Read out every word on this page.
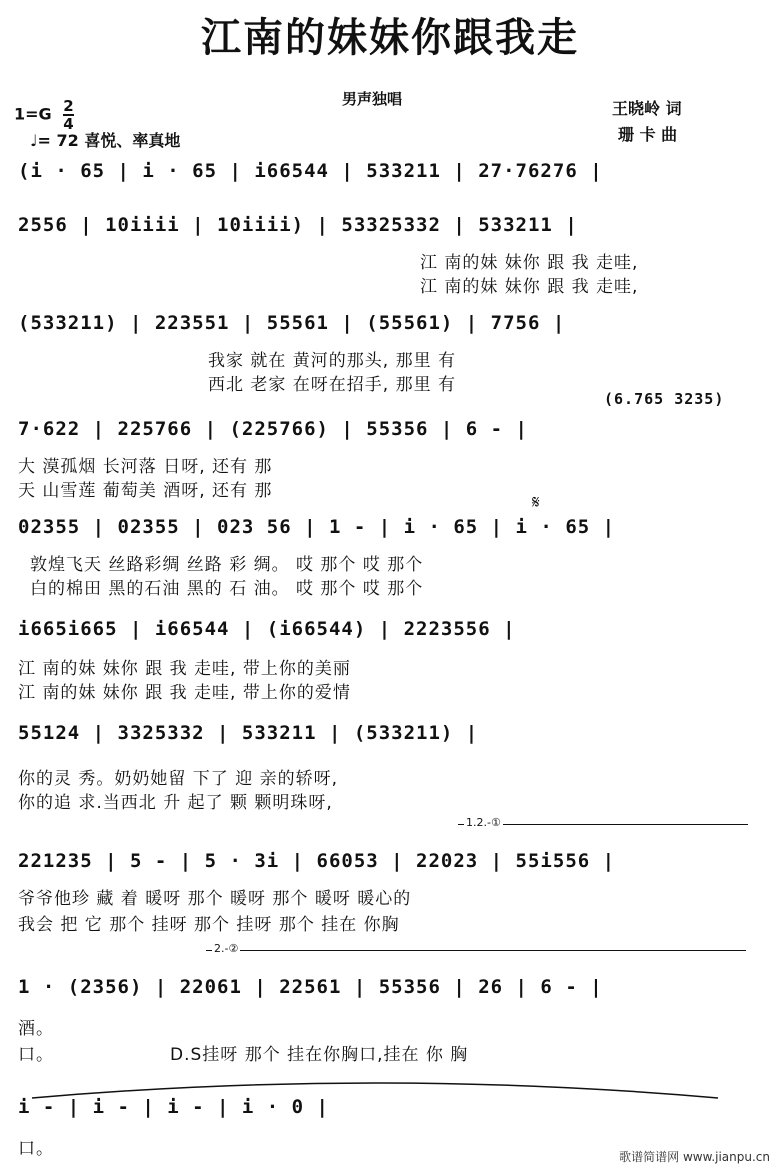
江南的妹妹你跟我走
男声独唱
$1=G \frac{2}{4}$
♩= 72 喜悦、率真地
王晓岭 词
珊 卡 曲
(i · 65 | i · 65 | i66544 | 533211 | 27·76276 |
2556 | 10iiii | 10iiii) | 53325332 | 533211 |
江 南的妹 妹你 跟 我 走哇,
江 南的妹 妹你 跟 我 走哇,
(533211) | 223551 | 55561 | (55561) | 7756 |
我家 就在 黄河的那头, 那里 有
西北 老家 在呀在招手, 那里 有
(6.765 3235)
7·622 | 225766 | (225766) | 55356 | 6 - |
大 漠孤烟 长河落 日呀, 还有 那
天 山雪莲 葡萄美 酒呀, 还有 那
𝄋
02355 | 02355 | 023 56 | 1 - | i · 65 | i · 65 |
敦煌飞天 丝路彩绸 丝路 彩 绸。 哎 那个 哎 那个
白的棉田 黑的石油 黑的 石 油。 哎 那个 哎 那个
i665i665 | i66544 | (i66544) | 2223556 |
江 南的妹 妹你 跟 我 走哇, 带上你的美丽
江 南的妹 妹你 跟 我 走哇, 带上你的爱情
55124 | 3325332 | 533211 | (533211) |
你的灵 秀。奶奶她留 下了 迎 亲的轿呀,
你的追 求.当西北 升 起了 颗 颗明珠呀,
1.2.-①
221235 | 5 - | 5 · 3i | 66053 | 22023 | 55i556 |
爷爷他珍 藏 着 暖呀 那个 暖呀 那个 暖呀 暖心的
我会 把 它 那个 挂呀 那个 挂呀 那个 挂在 你胸
2.-②
1 · (2356) | 22061 | 22561 | 55356 | 26 | 6 - |
酒。
口。	D.S挂呀 那个 挂在你胸口,挂在 你 胸
i - | i - | i - | i · 0 |
口。	歌谱简谱网 www.jianpu.cn
